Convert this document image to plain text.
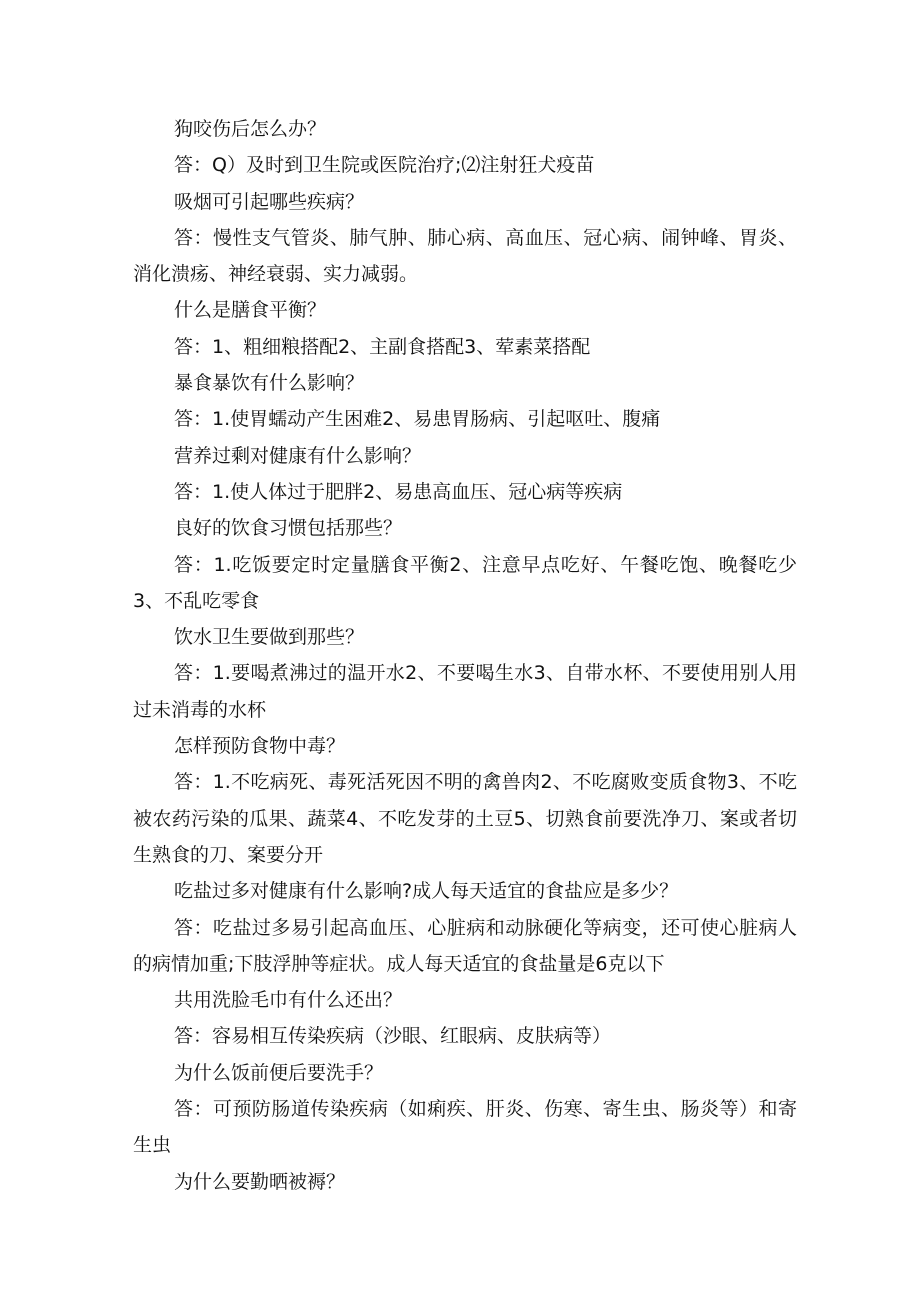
狗咬伤后怎么办？

答：Q）及时到卫生院或医院治疗;⑵注射狂犬疫苗

吸烟可引起哪些疾病？

答：慢性支气管炎、肺气肿、肺心病、高血压、冠心病、闹钟峰、胃炎、消化溃疡、神经衰弱、实力减弱。

什么是膳食平衡？

答：1、粗细粮搭配2、主副食搭配3、荤素菜搭配

暴食暴饮有什么影响？

答：1.使胃蠕动产生困难2、易患胃肠病、引起呕吐、腹痛

营养过剩对健康有什么影响？

答：1.使人体过于肥胖2、易患高血压、冠心病等疾病

良好的饮食习惯包括那些？

答：1.吃饭要定时定量膳食平衡2、注意早点吃好、午餐吃饱、晚餐吃少3、不乱吃零食

饮水卫生要做到那些？

答：1.要喝煮沸过的温开水2、不要喝生水3、自带水杯、不要使用别人用过未消毒的水杯

怎样预防食物中毒？

答：1.不吃病死、毒死活死因不明的禽兽肉2、不吃腐败变质食物3、不吃被农药污染的瓜果、蔬菜4、不吃发芽的土豆5、切熟食前要洗净刀、案或者切生熟食的刀、案要分开

吃盐过多对健康有什么影响?成人每天适宜的食盐应是多少？

答：吃盐过多易引起高血压、心脏病和动脉硬化等病变，还可使心脏病人的病情加重;下肢浮肿等症状。成人每天适宜的食盐量是6克以下

共用洗脸毛巾有什么还出？

答：容易相互传染疾病（沙眼、红眼病、皮肤病等）

为什么饭前便后要洗手？

答：可预防肠道传染疾病（如痢疾、肝炎、伤寒、寄生虫、肠炎等）和寄生虫

为什么要勤晒被褥？
